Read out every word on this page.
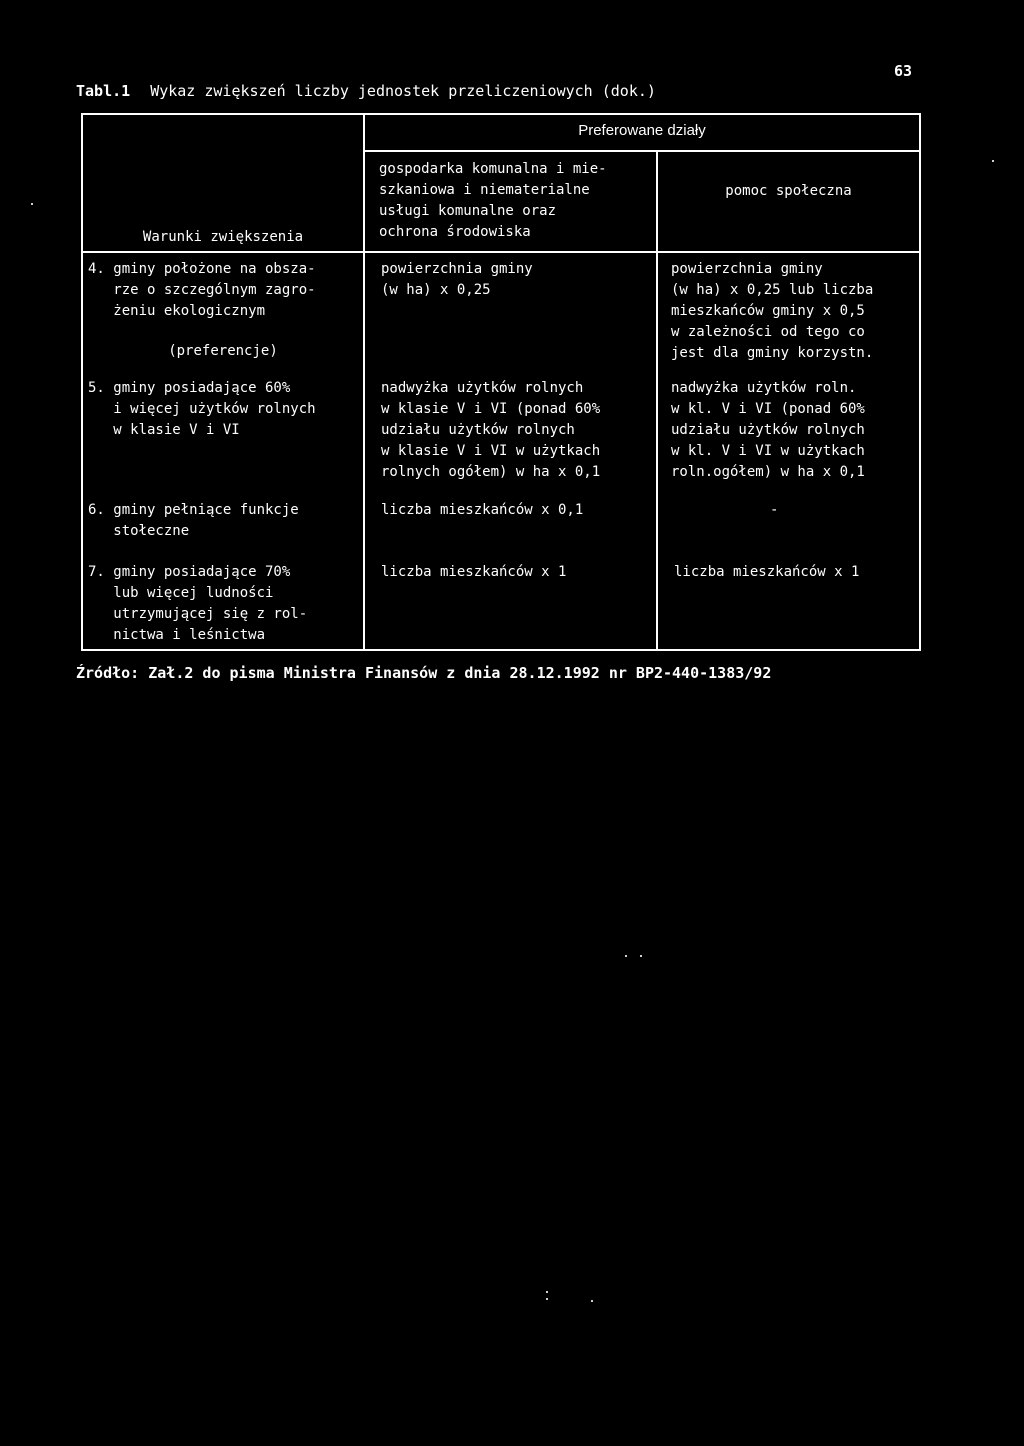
63
Tabl.1 Wykaz zwiększeń liczby jednostek przeliczeniowych (dok.)

Warunki zwiększenia

(preferencje)

Preferowane działy
gospodarka komunalna i mie-
szkaniowa i niematerialne
usługi komunalne oraz
ochrona środowiska
pomoc społeczna
4. gminy położone na obsza-
rze o szczególnym zagro-
żeniu ekologicznym
powierzchnia gminy
(w ha) x 0,25
powierzchnia gminy
(w ha) x 0,25 lub liczba
mieszkańców gminy x 0,5
w zależności od tego co
jest dla gminy korzystn.
5. gminy posiadające 60%
i więcej użytków rolnych
w klasie V i VI
nadwyżka użytków rolnych
w klasie V i VI (ponad 60%
udziału użytków rolnych
w klasie V i VI w użytkach
rolnych ogółem) w ha x 0,1
nadwyżka użytków roln.
w kl. V i VI (ponad 60%
udziału użytków rolnych
w kl. V i VI w użytkach
roln.ogółem) w ha x 0,1
6. gminy pełniące funkcje
stołeczne
liczba mieszkańców x 0,1	-
7. gminy posiadające 70%
lub więcej ludności
utrzymującej się z rol-
nictwa i leśnictwa
liczba mieszkańców x 1	liczba mieszkańców x 1
Źródło: Zał.2 do pisma Ministra Finansów z dnia 28.12.1992 nr BP2-440-1383/92
